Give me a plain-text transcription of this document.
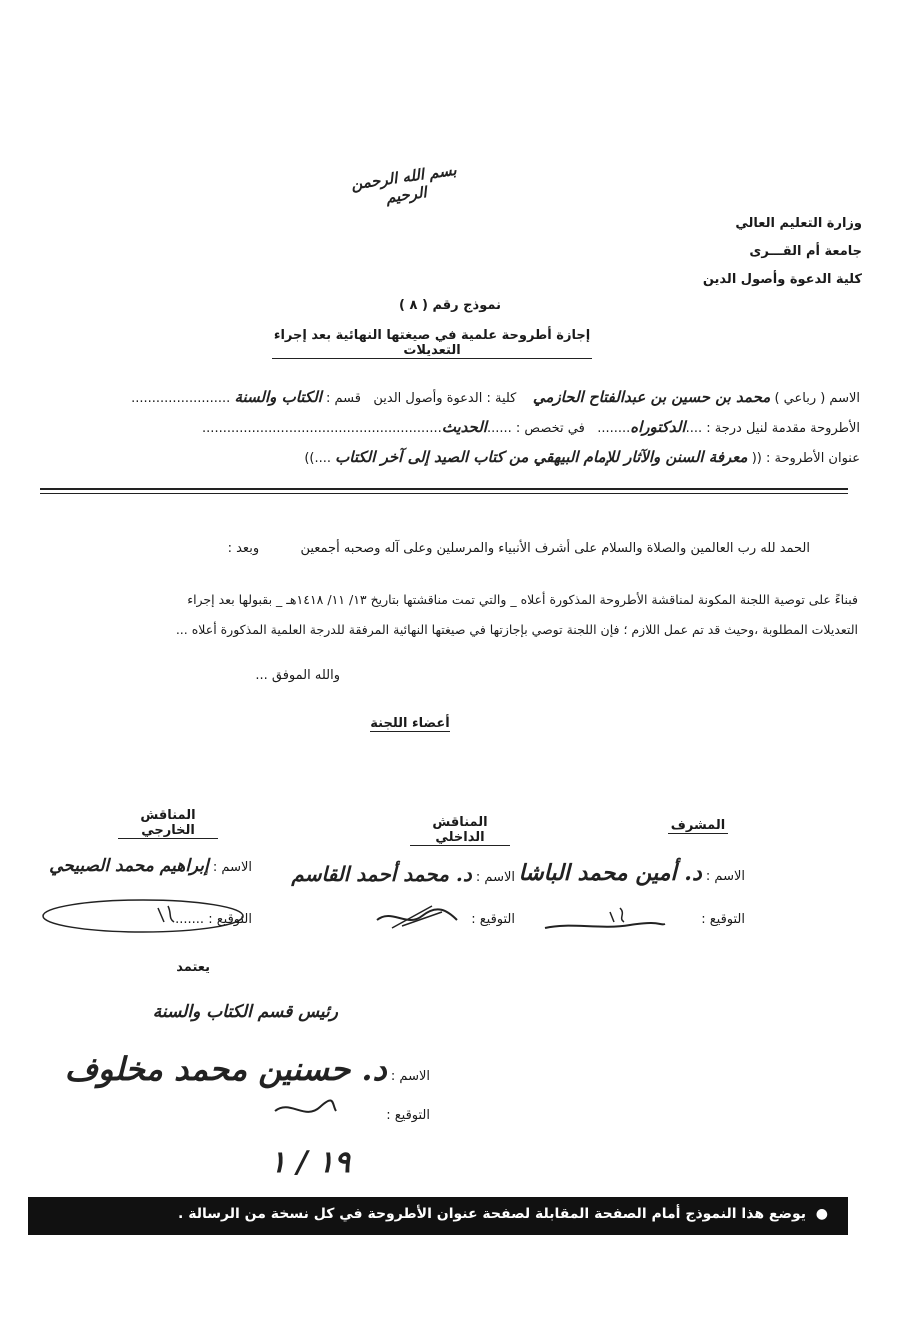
بسم الله الرحمن الرحيم
وزارة التعليم العالي
جامعة أم القـــرى
كلية الدعوة وأصول الدين
نموذج رقم ( ٨ )
إجازة أطروحة علمية في صيغتها النهائية بعد إجراء التعديلات
الاسم ( رباعي ) محمد بن حسين بن عبدالفتاح الحازمي    كلية : الدعوة وأصول الدين   قسم : الكتاب والسنة ........................
الأطروحة مقدمة لنيل درجة : ....الدكتوراه........   في تخصص : ......الحديث..........................................................
عنوان الأطروحة : (( معرفة السنن والآثار للإمام البيهقي من كتاب الصيد إلى آخر الكتاب ....))
الحمد لله رب العالمين والصلاة والسلام على أشرف الأنبياء والمرسلين وعلى آله وصحبه أجمعين          وبعد :
فبناءً على توصية اللجنة المكونة لمناقشة الأطروحة المذكورة أعلاه _ والتي تمت مناقشتها بتاريخ ١٣/ ١١/ ١٤١٨هـ _ بقبولها بعد إجراء
التعديلات المطلوبة ،وحيث قد تم عمل اللازم ؛ فإن اللجنة توصي بإجازتها في صيغتها النهائية المرفقة للدرجة العلمية المذكورة أعلاه ...
والله الموفق ...
أعضاء اللجنة
المشرف
المناقش الداخلي
المناقش الخارجي
الاسم : د. أمين محمد الباشا
التوقيع :
الاسم : د. محمد أحمد القاسم
التوقيع :
الاسم : إبراهيم محمد الصبيحي
التوقيع : .......
يعتمد
رئيس قسم الكتاب والسنة
الاسم : د. حسنين محمد مخلوف
التوقيع :
١٩ / ١
●  يوضع هذا النموذج أمام الصفحة المقابلة لصفحة عنوان الأطروحة في كل نسخة من الرسالة .
